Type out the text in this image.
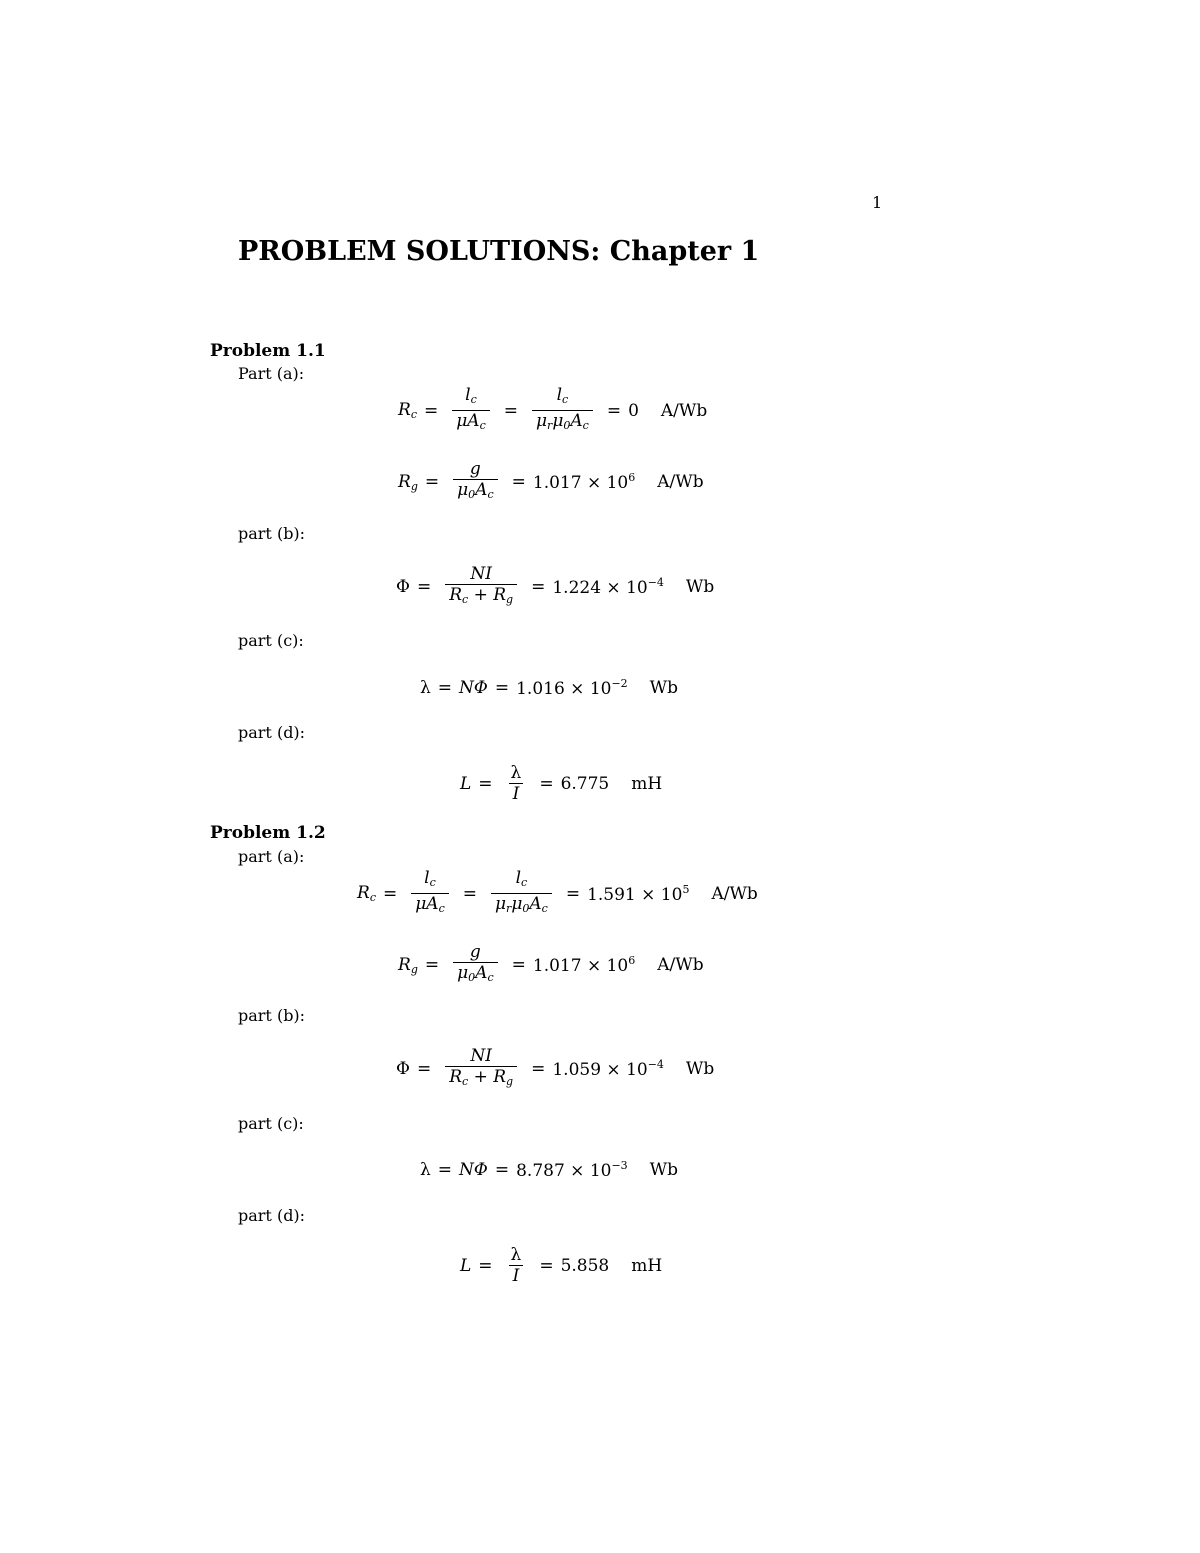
1
PROBLEM SOLUTIONS: Chapter 1
Problem 1.1
Part (a):
$R_c = \frac{l_c}{\mu A_c} = \frac{l_c}{\mu_r\mu_0A_c} = 0$ A/Wb
$R_g = \frac{g}{\mu_0A_c} = 1.017 \times 10^6$ A/Wb
part (b):
$\Phi = \frac{NI}{R_c + R_g} = 1.224 \times 10^{-4}$ Wb
part (c):
$\lambda = N\Phi = 1.016 \times 10^{-2}$ Wb
part (d):
$L = \frac{\lambda}{I} = 6.775$ mH
Problem 1.2
part (a):
$R_c = \frac{l_c}{\mu A_c} = \frac{l_c}{\mu_r\mu_0A_c} = 1.591 \times 10^5$ A/Wb
$R_g = \frac{g}{\mu_0A_c} = 1.017 \times 10^6$ A/Wb
part (b):
$\Phi = \frac{NI}{R_c + R_g} = 1.059 \times 10^{-4}$ Wb
part (c):
$\lambda = N\Phi = 8.787 \times 10^{-3}$ Wb
part (d):
$L = \frac{\lambda}{I} = 5.858$ mH
